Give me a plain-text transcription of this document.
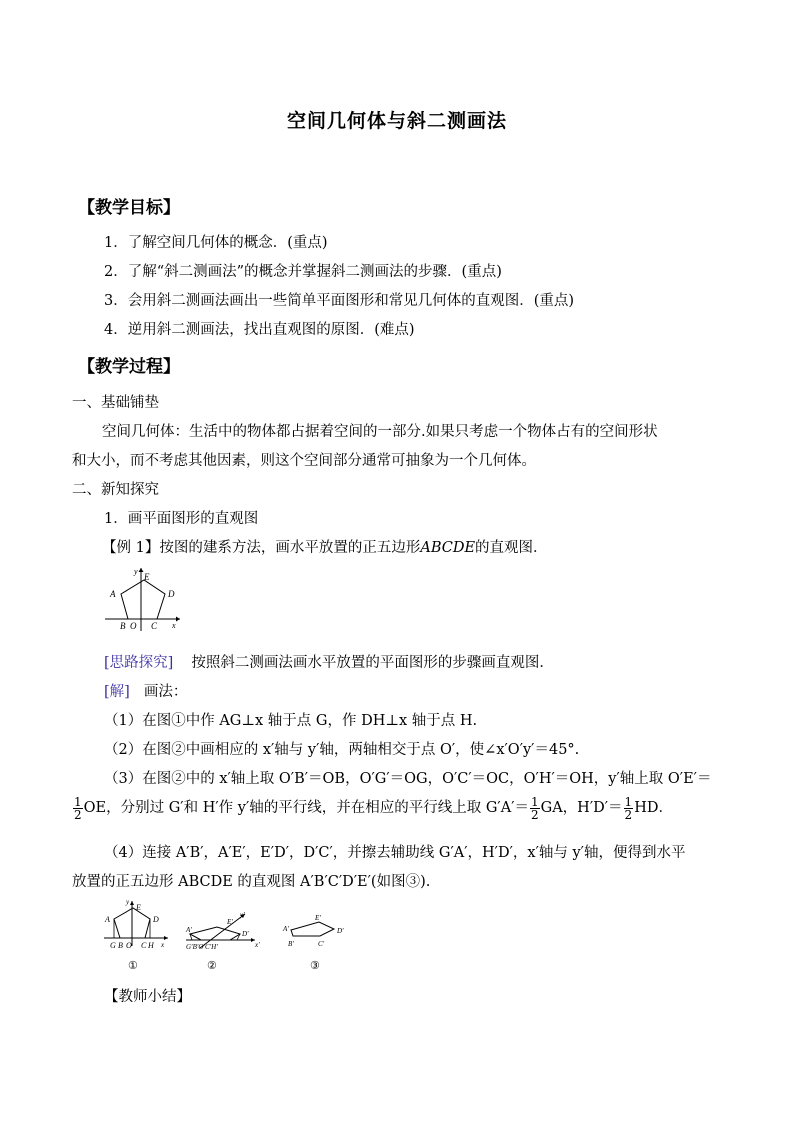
空间几何体与斜二测画法
【教学目标】
1．了解空间几何体的概念．(重点)
2．了解“斜二测画法”的概念并掌握斜二测画法的步骤．(重点)
3．会用斜二测画法画出一些简单平面图形和常见几何体的直观图．(重点)
4．逆用斜二测画法，找出直观图的原图．(难点)
【教学过程】
一、基础铺垫
空间几何体：生活中的物体都占据着空间的一部分.如果只考虑一个物体占有的空间形状
和大小，而不考虑其他因素，则这个空间部分通常可抽象为一个几何体。
二、新知探究
1．画平面图形的直观图
【例 1】按图的建系方法，画水平放置的正五边形ABCDE的直观图．
y
E
A	D
B O C x
[思路探究] 按照斜二测画法画水平放置的平面图形的步骤画直观图．
[解] 画法：
（1）在图①中作 AG⊥x 轴于点 G，作 DH⊥x 轴于点 H.
（2）在图②中画相应的 x′轴与 y′轴，两轴相交于点 O′，使∠x′O′y′＝45°.
（3）在图②中的 x′轴上取 O′B′＝OB，O′G′＝OG，O′C′＝OC，O′H′＝OH，y′轴上取 O′E′＝
$\frac{1}{2}$ OE，分别过 G′和 H′作 y′轴的平行线，并在相应的平行线上取 $G'A'= \frac{1}{2}$ GA，$H'D'= \frac{1}{2}$ HD．
（4）连接 A′B′，A′E′，E′D′，D′C′，并擦去辅助线 G′A′，H′D′，x′轴与 y′轴，便得到水平
放置的正五边形 ABCDE 的直观图 A′B′C′D′E′(如图③).
y
E
A	D
G B O C H x
①
E′
y′
A′	D′
G′B′O′C′H′	x′
②
E′
A′	D′
B′	C′
③
【教师小结】
